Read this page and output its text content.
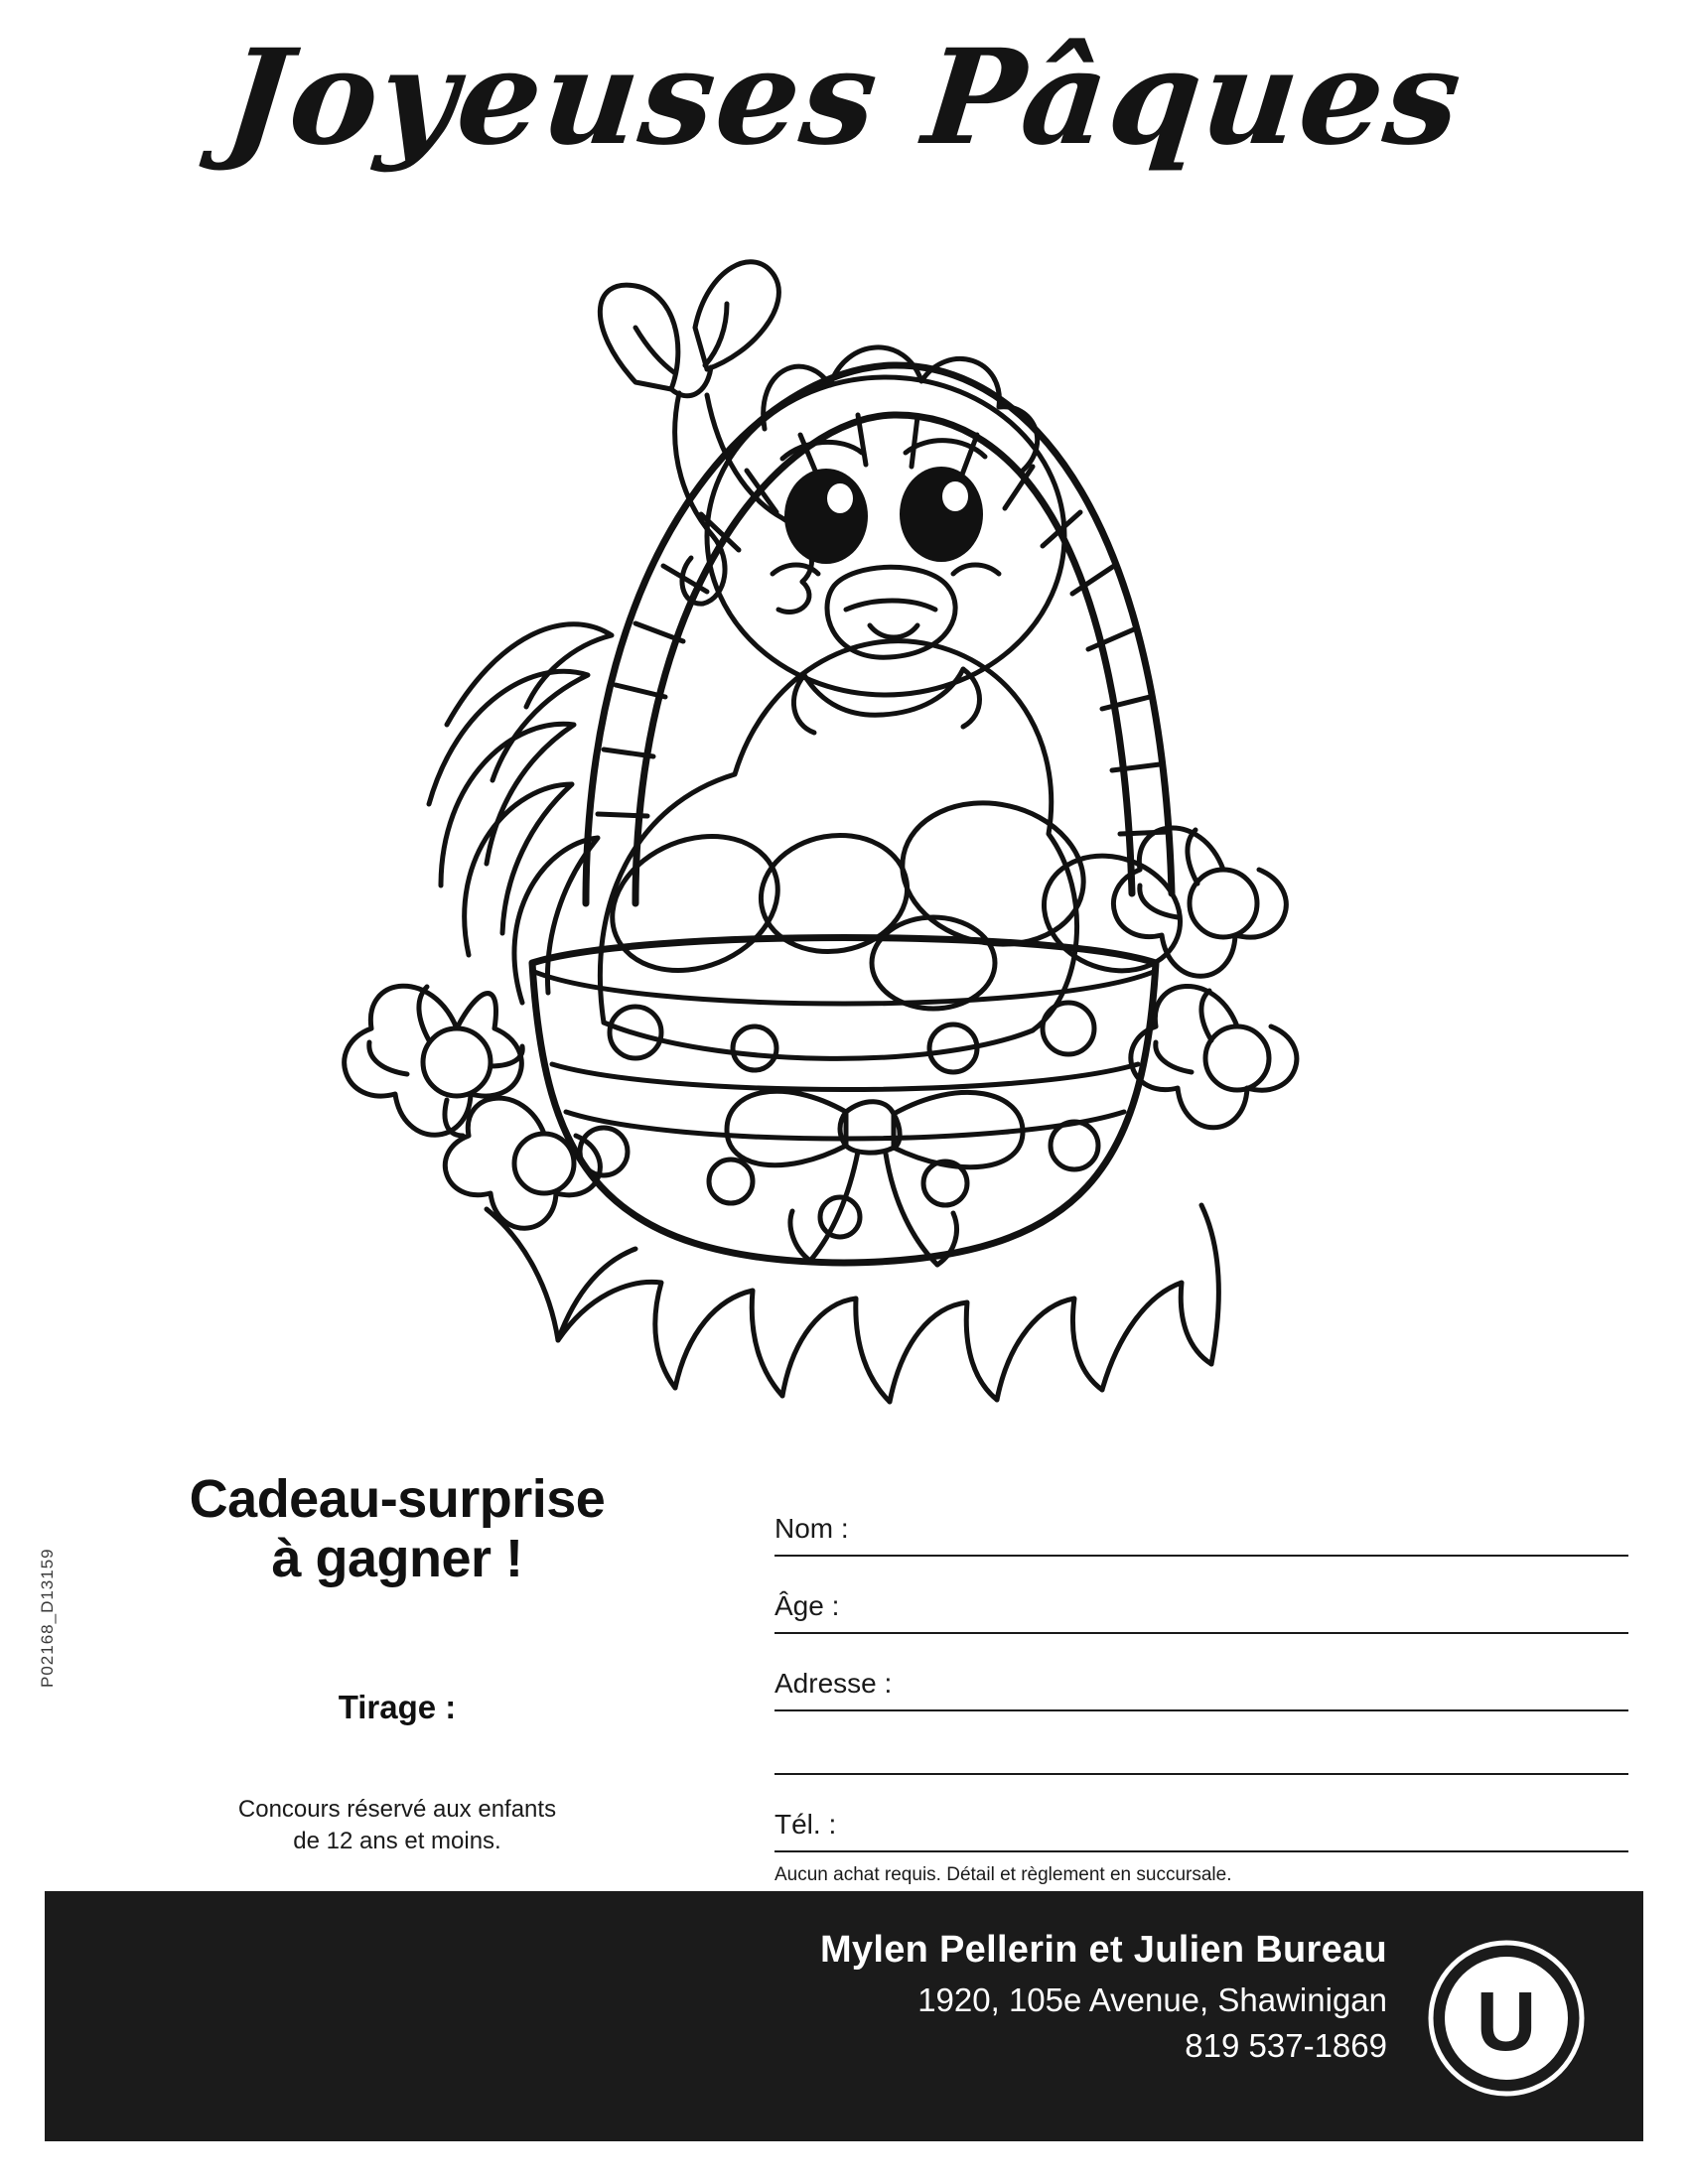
Joyeuses Pâques
P02168_D13159
Cadeau-surprise
à gagner !
Tirage :
Concours réservé aux enfants
de 12 ans et moins.
Nom :
Âge :
Adresse :
Tél. :
Aucun achat requis. Détail et règlement en succursale.
Mylen Pellerin et Julien Bureau
1920, 105e Avenue, Shawinigan
819 537-1869 U
